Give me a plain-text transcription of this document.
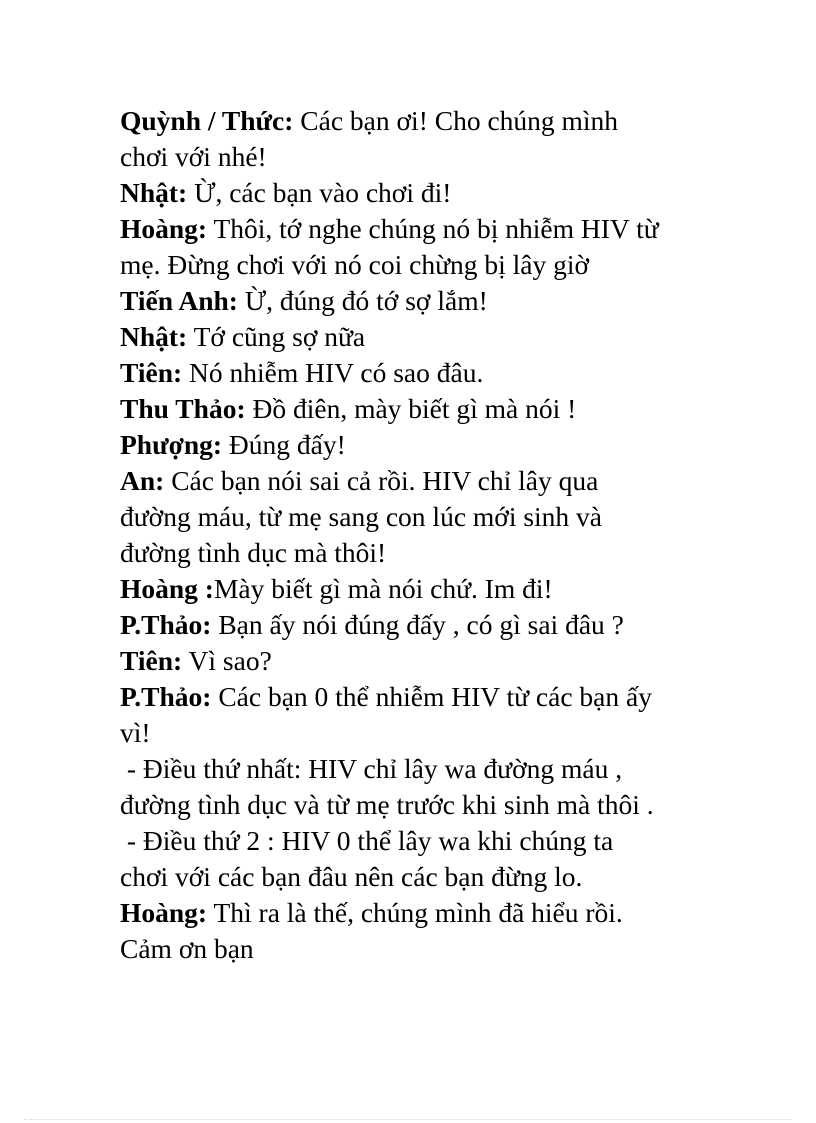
Quỳnh / Thức: Các bạn ơi! Cho chúng mình
chơi với nhé!
Nhật: Ừ, các bạn vào chơi đi!
Hoàng: Thôi, tớ nghe chúng nó bị nhiễm HIV từ
mẹ. Đừng chơi với nó coi chừng bị lây giờ
Tiến Anh: Ừ, đúng đó tớ sợ lắm!
Nhật: Tớ cũng sợ nữa
Tiên: Nó nhiễm HIV có sao đâu.
Thu Thảo: Đồ điên, mày biết gì mà nói !
Phượng: Đúng đấy!
An: Các bạn nói sai cả rồi. HIV chỉ lây qua
đường máu, từ mẹ sang con lúc mới sinh và
đường tình dục mà thôi!
Hoàng :Mày biết gì mà nói chứ. Im đi!
P.Thảo: Bạn ấy nói đúng đấy , có gì sai đâu ?
Tiên: Vì sao?
P.Thảo: Các bạn 0 thể nhiễm HIV từ các bạn ấy
vì!
- Điều thứ nhất: HIV chỉ lây wa đường máu ,
đường tình dục và từ mẹ trước khi sinh mà thôi .
- Điều thứ 2 : HIV 0 thể lây wa khi chúng ta
chơi với các bạn đâu nên các bạn đừng lo.
Hoàng: Thì ra là thế, chúng mình đã hiểu rồi.
Cảm ơn bạn
